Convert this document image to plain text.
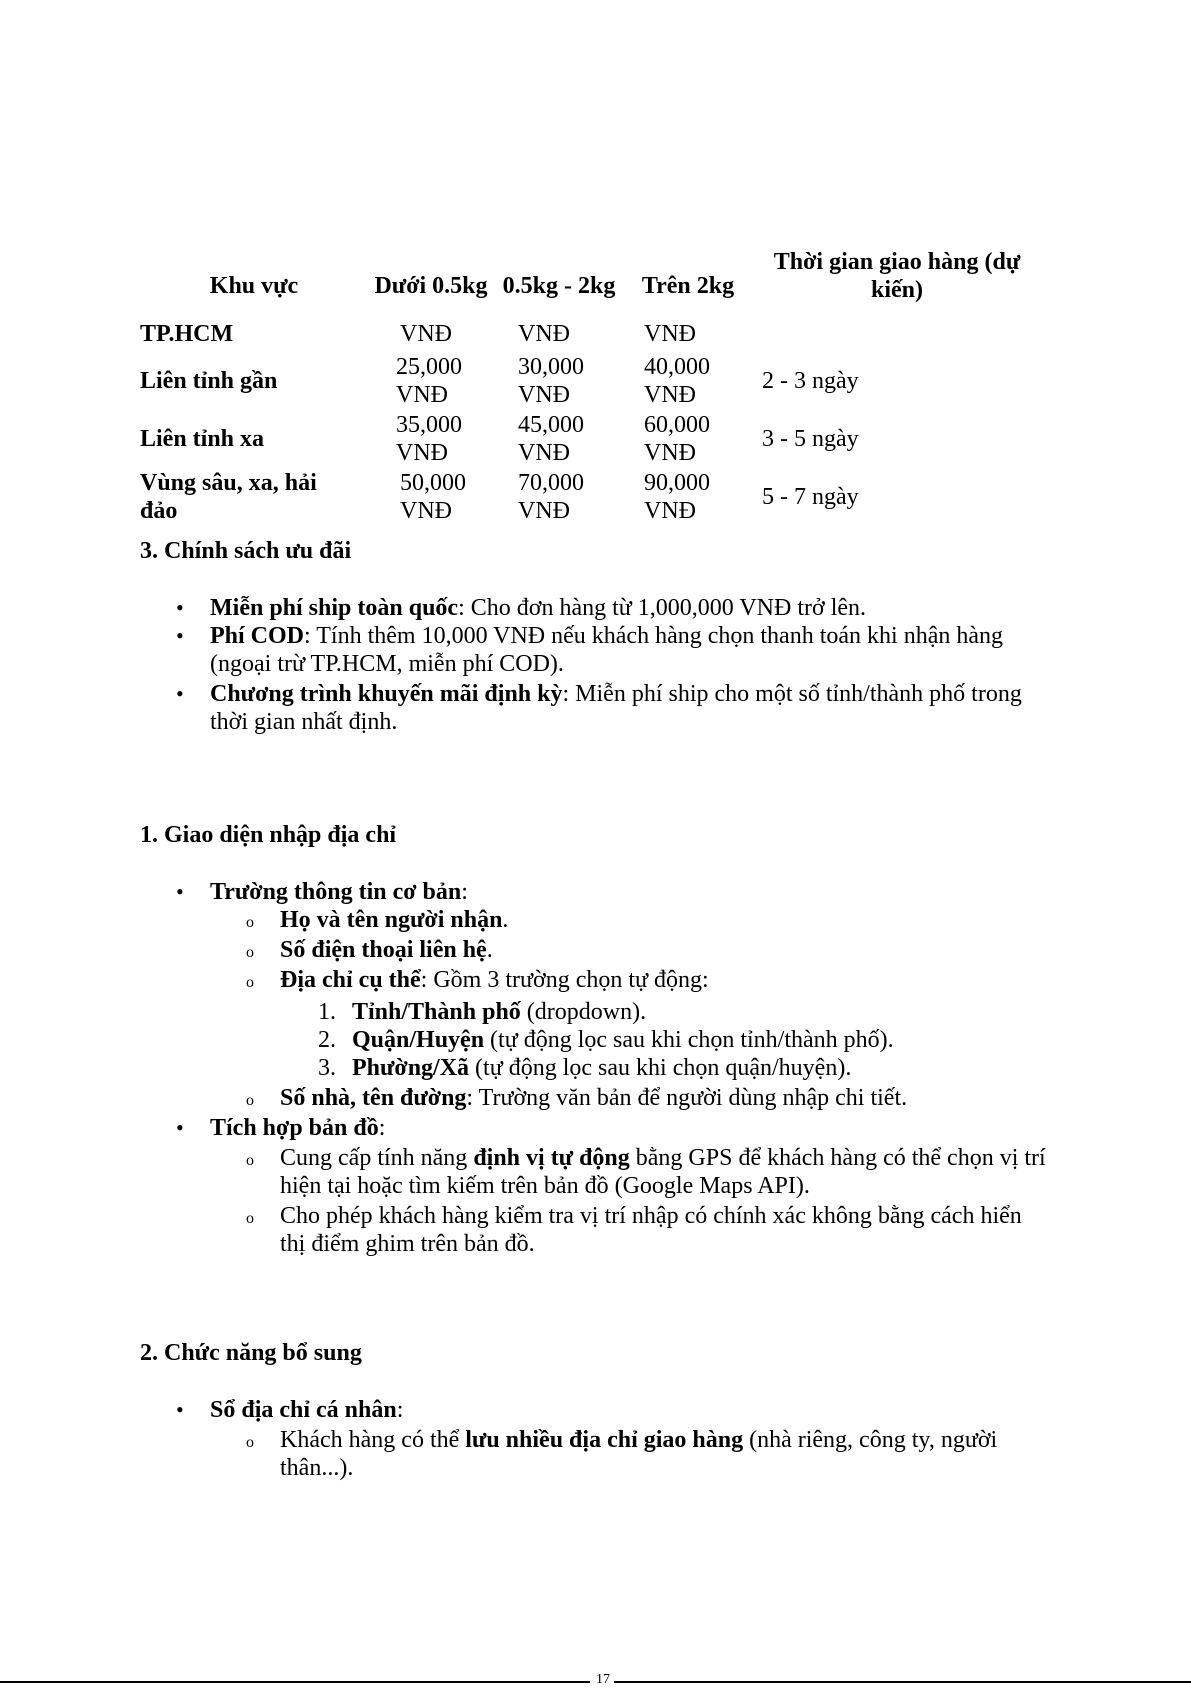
Khu vực	Dưới 0.5kg	0.5kg - 2kg	Trên 2kg	Thời gian giao hàng (dự kiến)
TP.HCM	VNĐ	VNĐ	VNĐ	
Liên tỉnh gần	25,000 VNĐ	30,000 VNĐ	40,000 VNĐ	2 - 3 ngày
Liên tỉnh xa	35,000 VNĐ	45,000 VNĐ	60,000 VNĐ	3 - 5 ngày
Vùng sâu, xa, hải đảo	50,000 VNĐ	70,000 VNĐ	90,000 VNĐ	5 - 7 ngày
3. Chính sách ưu đãi
• Miễn phí ship toàn quốc: Cho đơn hàng từ 1,000,000 VNĐ trở lên.
• Phí COD: Tính thêm 10,000 VNĐ nếu khách hàng chọn thanh toán khi nhận hàng (ngoại trừ TP.HCM, miễn phí COD).
• Chương trình khuyến mãi định kỳ: Miễn phí ship cho một số tỉnh/thành phố trong thời gian nhất định.
1. Giao diện nhập địa chỉ
• Trường thông tin cơ bản:
o Họ và tên người nhận.
o Số điện thoại liên hệ.
o Địa chỉ cụ thể: Gồm 3 trường chọn tự động:
1. Tỉnh/Thành phố (dropdown).
2. Quận/Huyện (tự động lọc sau khi chọn tỉnh/thành phố).
3. Phường/Xã (tự động lọc sau khi chọn quận/huyện).
o Số nhà, tên đường: Trường văn bản để người dùng nhập chi tiết.
• Tích hợp bản đồ:
o Cung cấp tính năng định vị tự động bằng GPS để khách hàng có thể chọn vị trí hiện tại hoặc tìm kiếm trên bản đồ (Google Maps API).
o Cho phép khách hàng kiểm tra vị trí nhập có chính xác không bằng cách hiển thị điểm ghim trên bản đồ.
2. Chức năng bổ sung
• Sổ địa chỉ cá nhân:
o Khách hàng có thể lưu nhiều địa chỉ giao hàng (nhà riêng, công ty, người thân...).
17
